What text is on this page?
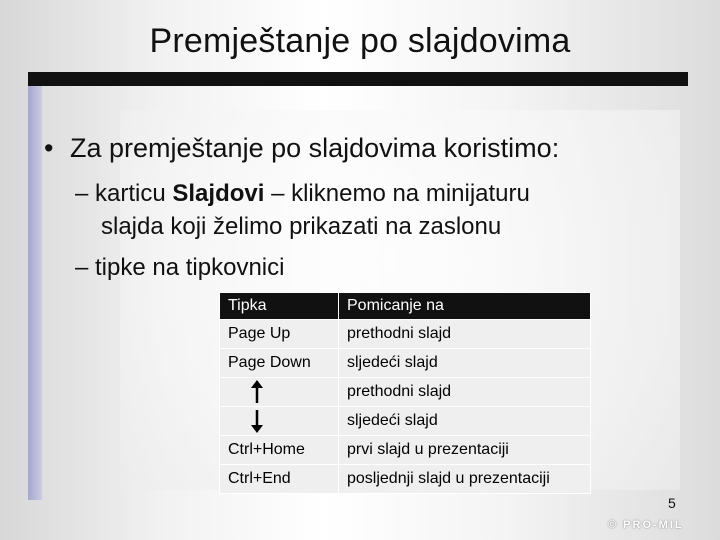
Premještanje po slajdovima
• Za premještanje po slajdovima koristimo:
– karticu Slajdovi – kliknemo na minijaturu
slajda koji želimo prikazati na zaslonu
– tipke na tipkovnici
Tipka	Pomicanje na
Page Up	prethodni slajd
Page Down	sljedeći slajd

	prethodni slajd

	sljedeći slajd
Ctrl+Home	prvi slajd u prezentaciji
Ctrl+End	posljednji slajd u prezentaciji
5
© PRO-MIL
